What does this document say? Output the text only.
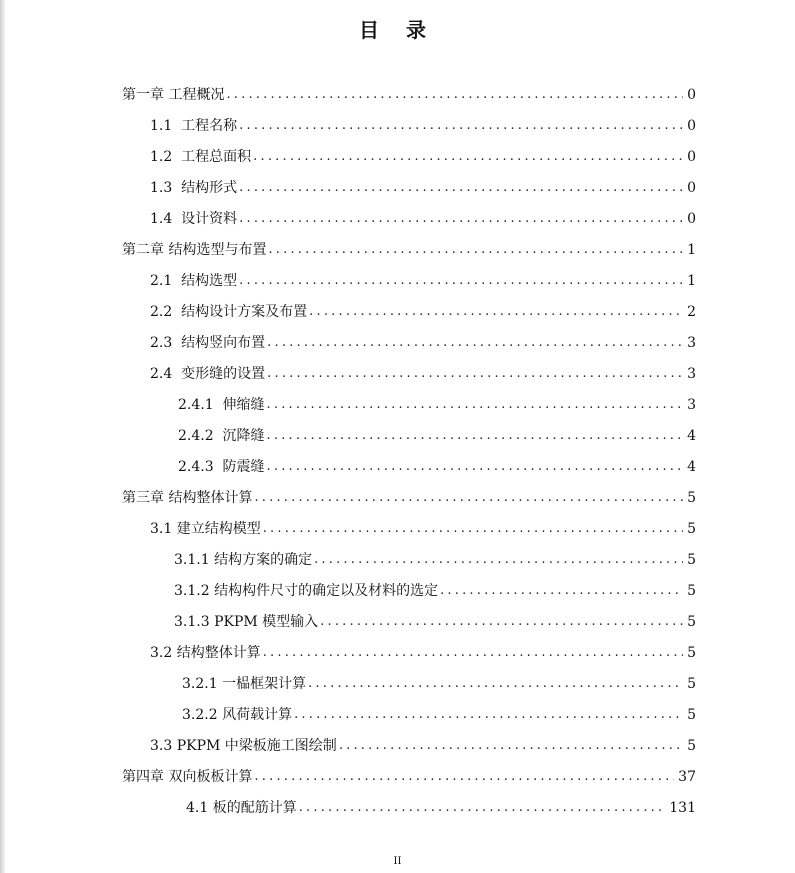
目 录
第一章 工程概况 .....	0
1.1  工程名称 .....	0
1.2  工程总面积 .....	0
1.3  结构形式 .....	0
1.4  设计资料 .....	0
第二章 结构选型与布置 .....	1
2.1  结构选型 .....	1
2.2  结构设计方案及布置 .....	2
2.3  结构竖向布置 .....	3
2.4  变形缝的设置 .....	3
2.4.1  伸缩缝 .....	3
2.4.2  沉降缝 .....	4
2.4.3  防震缝 .....	4
第三章 结构整体计算 .....	5
3.1 建立结构模型 .....	5
3.1.1 结构方案的确定 .....	5
3.1.2 结构构件尺寸的确定以及材料的选定 .....	5
3.1.3 PKPM 模型输入 .....	5
3.2 结构整体计算 .....	5
3.2.1 一榀框架计算 .....	5
3.2.2 风荷载计算 .....	5
3.3 PKPM 中梁板施工图绘制 .....	5
第四章 双向板板计算 .....	37
4.1 板的配筋计算 .....	131
II
